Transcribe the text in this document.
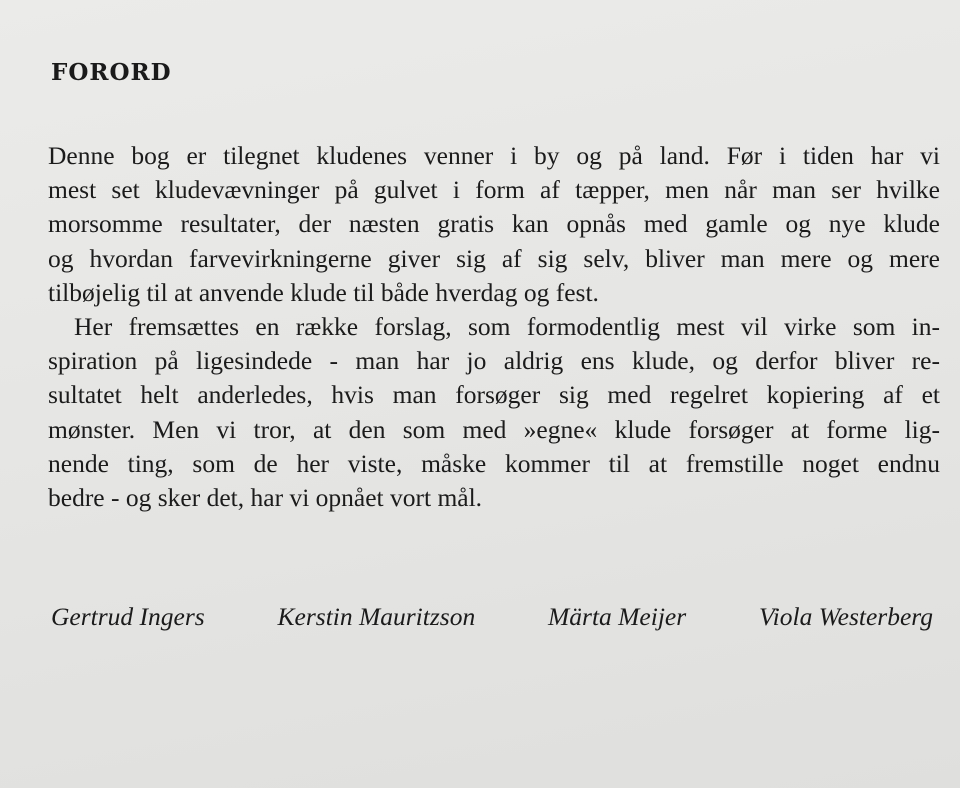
FORORD
Denne bog er tilegnet kludenes venner i by og på land. Før i tiden har vi
mest set kludevævninger på gulvet i form af tæpper, men når man ser hvilke
morsomme resultater, der næsten gratis kan opnås med gamle og nye klude
og hvordan farvevirkningerne giver sig af sig selv, bliver man mere og mere
tilbøjelig til at anvende klude til både hverdag og fest.
Her fremsættes en række forslag, som formodentlig mest vil virke som in-
spiration på ligesindede - man har jo aldrig ens klude, og derfor bliver re-
sultatet helt anderledes, hvis man forsøger sig med regelret kopiering af et
mønster. Men vi tror, at den som med »egne« klude forsøger at forme lig-
nende ting, som de her viste, måske kommer til at fremstille noget endnu
bedre - og sker det, har vi opnået vort mål.
Gertrud Ingers	Kerstin Mauritzson	Märta Meijer	Viola Westerberg
